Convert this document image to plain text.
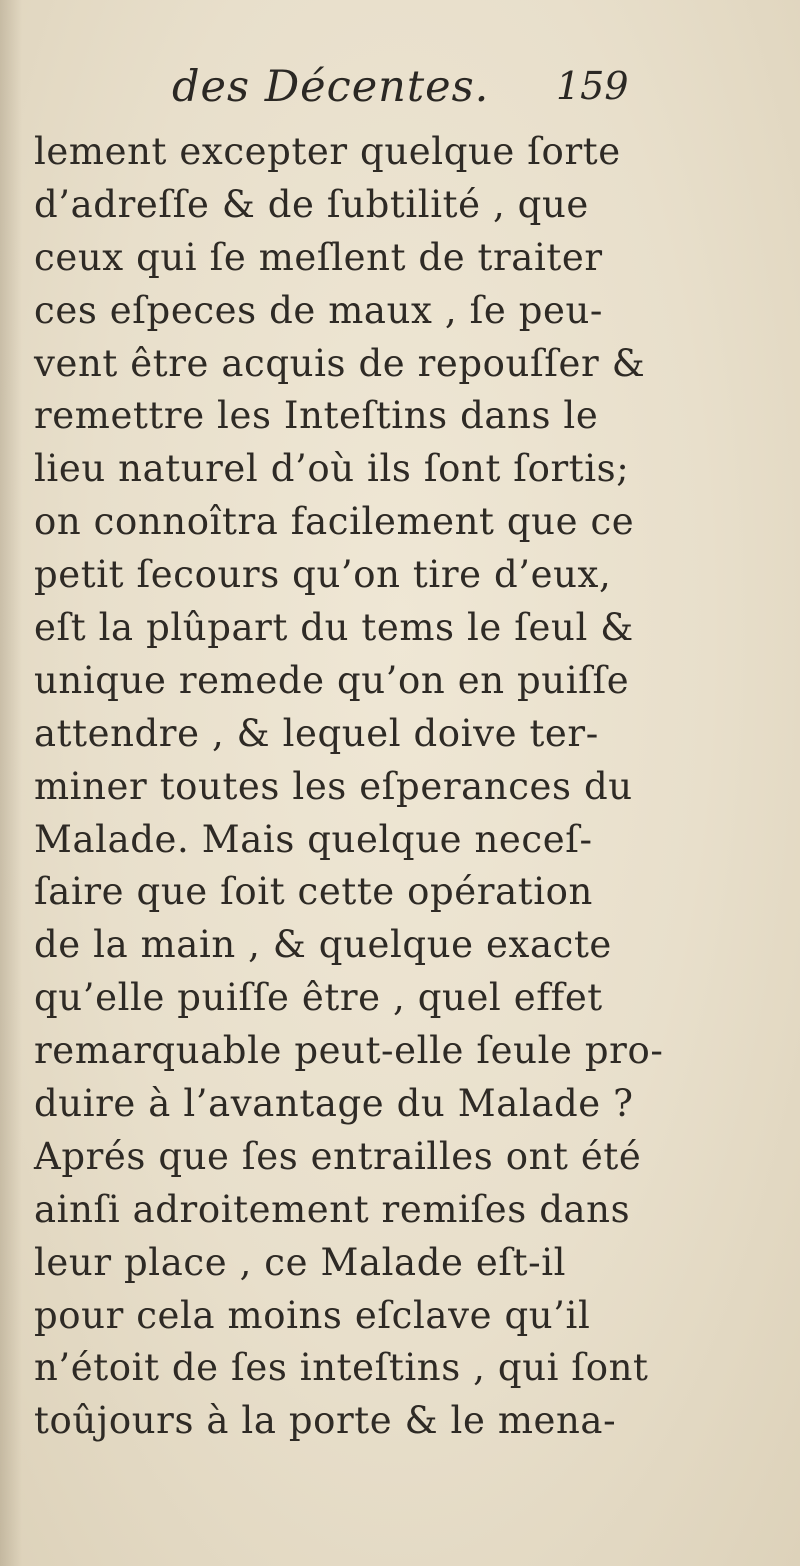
des Décentes. 159
lement excepter quelque ſorte
d’adreſſe & de ſubtilité , que
ceux qui ſe meſlent de traiter
ces eſpeces de maux , ſe peu-
vent être acquis de repouſſer &
remettre les Inteſtins dans le
lieu naturel d’où ils ſont ſortis;
on connoîtra facilement que ce
petit ſecours qu’on tire d’eux,
eſt la plûpart du tems le ſeul &
unique remede qu’on en puiſſe
attendre , & lequel doive ter-
miner toutes les eſperances du
Malade. Mais quelque neceſ-
ſaire que ſoit cette opération
de la main , & quelque exacte
qu’elle puiſſe être , quel effet
remarquable peut-elle ſeule pro-
duire à l’avantage du Malade ?
Aprés que ſes entrailles ont été
ainſi adroitement remiſes dans
leur place , ce Malade eſt-il
pour cela moins eſclave qu’il
n’étoit de ſes inteſtins , qui ſont
toûjours à la porte & le mena-
